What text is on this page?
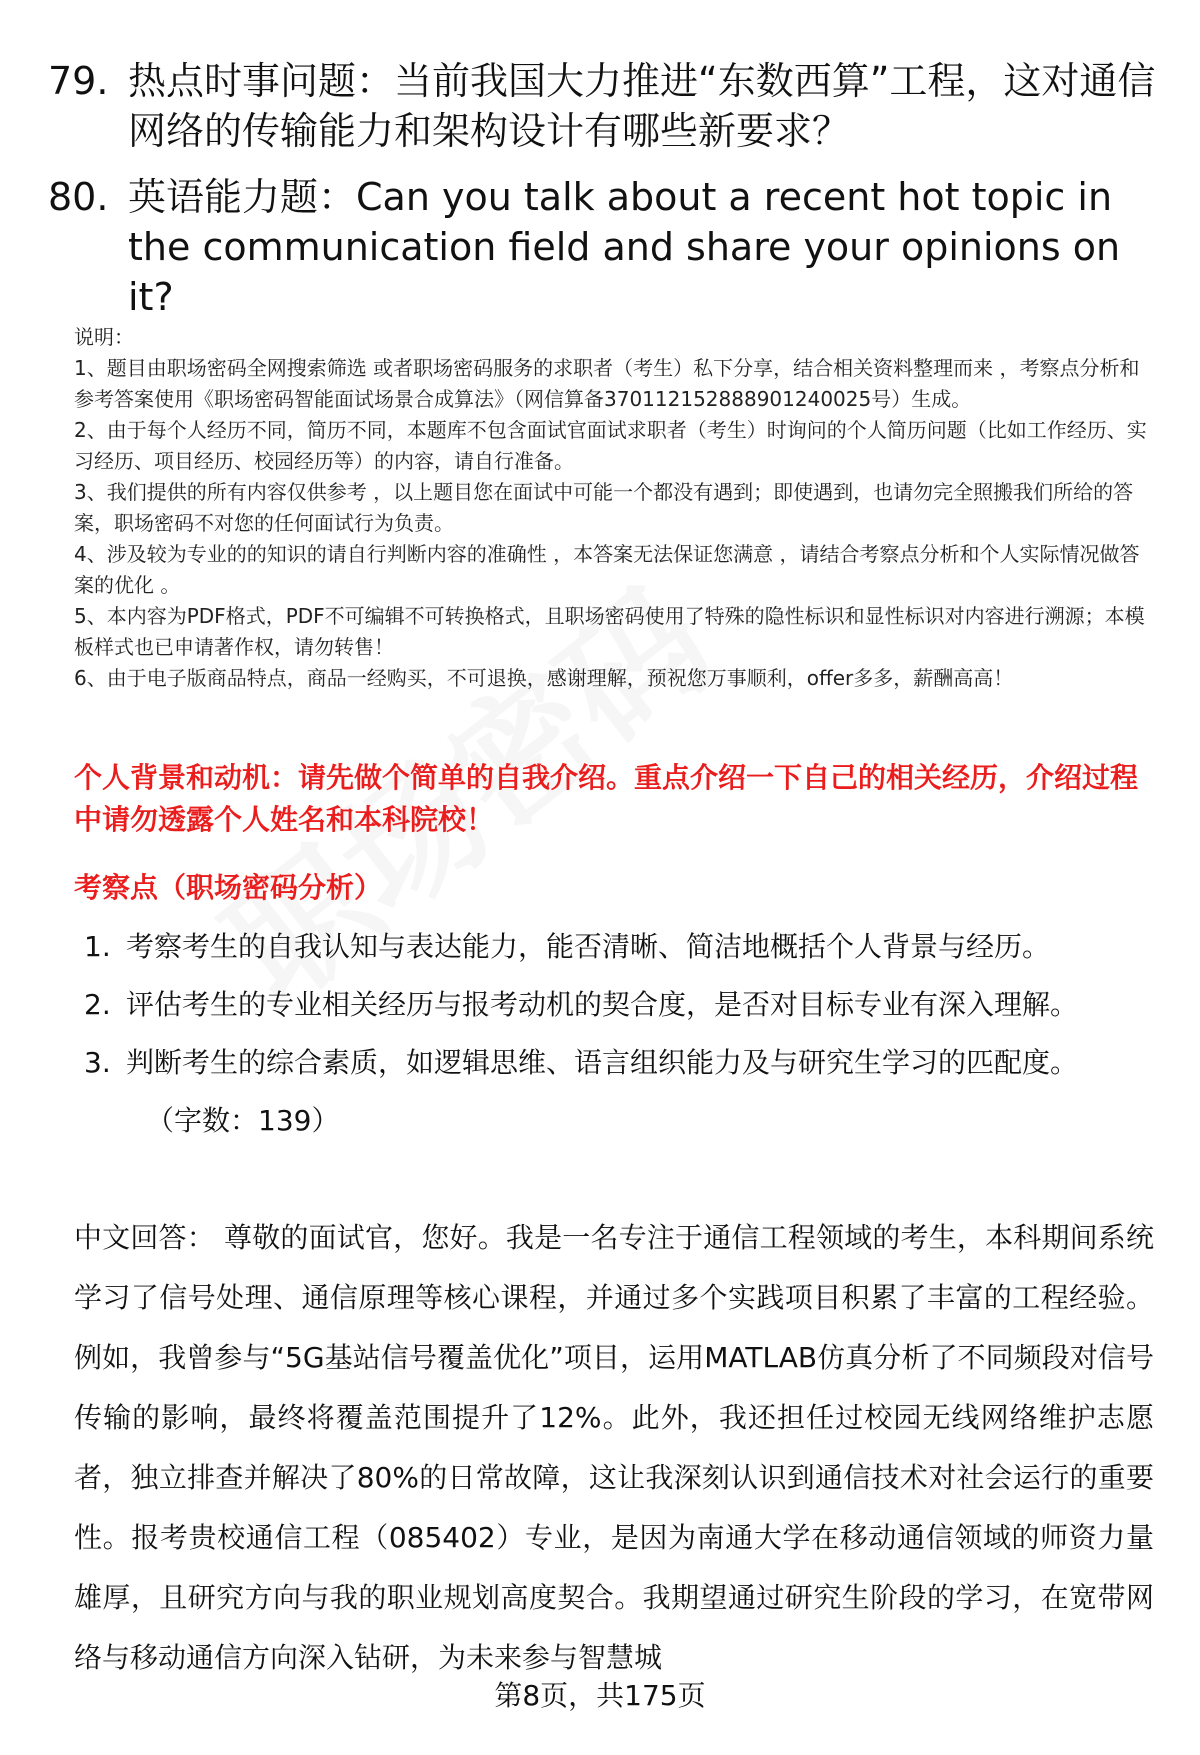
79. 热点时事问题：当前我国大力推进“东数西算”工程，这对通信网络的传输能力和架构设计有哪些新要求？
80. 英语能力题：Can you talk about a recent hot topic in the communication field and share your opinions on it?

说明：

1、题目由职场密码全网搜索筛选 或者职场密码服务的求职者（考生）私下分享，结合相关资料整理而来 ，考察点分析和参考答案使用《职场密码智能面试场景合成算法》（网信算备370112152888901240025号）生成。

2、由于每个人经历不同，简历不同，本题库不包含面试官面试求职者（考生）时询问的个人简历问题（比如工作经历、实习经历、项目经历、校园经历等）的内容，请自行准备。

3、我们提供的所有内容仅供参考 ，以上题目您在面试中可能一个都没有遇到；即使遇到，也请勿完全照搬我们所给的答案，职场密码不对您的任何面试行为负责。

4、涉及较为专业的的知识的请自行判断内容的准确性 ，本答案无法保证您满意 ，请结合考察点分析和个人实际情况做答案的优化 。

5、本内容为PDF格式，PDF不可编辑不可转换格式，且职场密码使用了特殊的隐性标识和显性标识对内容进行溯源；本模板样式也已申请著作权，请勿转售！

6、由于电子版商品特点，商品一经购买，不可退换，感谢理解，预祝您万事顺利，offer多多，薪酬高高！

个人背景和动机：请先做个简单的自我介绍。重点介绍一下自己的相关经历，介绍过程中请勿透露个人姓名和本科院校！
考察点（职场密码分析）
1. 考察考生的自我认知与表达能力，能否清晰、简洁地概括个人背景与经历。
2. 评估考生的专业相关经历与报考动机的契合度，是否对目标专业有深入理解。
3. 判断考生的综合素质，如逻辑思维、语言组织能力及与研究生学习的匹配度。
（字数：139）
中文回答： 尊敬的面试官，您好。我是一名专注于通信工程领域的考生，本科期间系统学习了信号处理、通信原理等核心课程，并通过多个实践项目积累了丰富的工程经验。例如，我曾参与“5G基站信号覆盖优化”项目，运用MATLAB仿真分析了不同频段对信号传输的影响，最终将覆盖范围提升了12%。此外，我还担任过校园无线网络维护志愿者，独立排查并解决了80%的日常故障，这让我深刻认识到通信技术对社会运行的重要性。报考贵校通信工程（085402）专业，是因为南通大学在移动通信领域的师资力量雄厚，且研究方向与我的职业规划高度契合。我期望通过研究生阶段的学习，在宽带网络与移动通信方向深入钻研，为未来参与智慧城
第8页，共175页
